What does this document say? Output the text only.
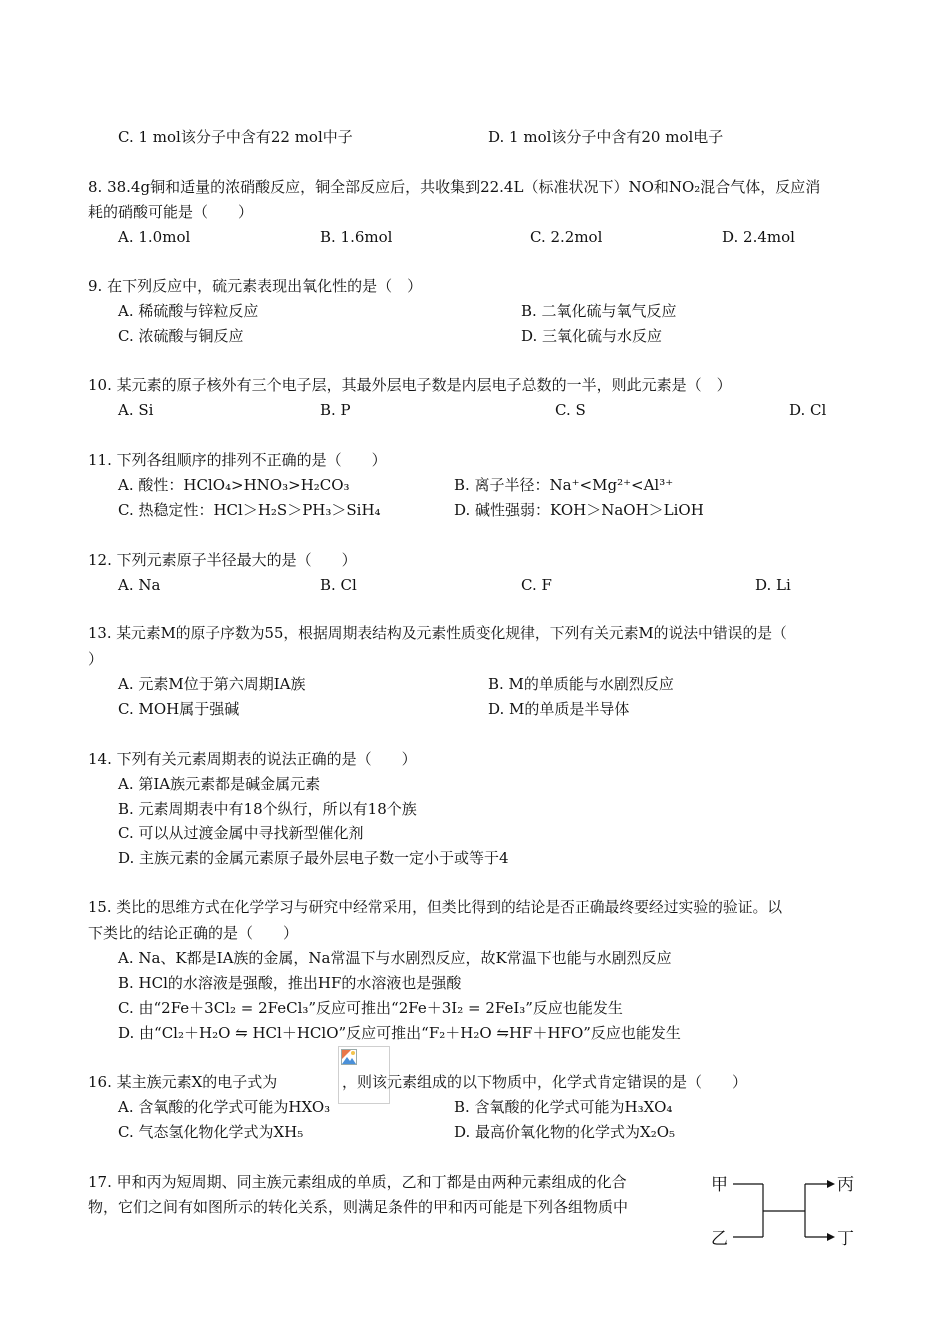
C. 1 mol该分子中含有22 mol中子	D. 1 mol该分子中含有20 mol电子
8. 38.4g铜和适量的浓硝酸反应，铜全部反应后，共收集到22.4L（标准状况下）NO和NO₂混合气体，反应消
耗的硝酸可能是（　　）
A. 1.0mol	B. 1.6mol	C. 2.2mol	D. 2.4mol
9. 在下列反应中，硫元素表现出氧化性的是（　）
A. 稀硫酸与锌粒反应	B. 二氧化硫与氧气反应
C. 浓硫酸与铜反应	D. 三氧化硫与水反应
10. 某元素的原子核外有三个电子层，其最外层电子数是内层电子总数的一半，则此元素是（　）
A. Si	B. P	C. S	D. Cl
11. 下列各组顺序的排列不正确的是（　　）
A. 酸性：HClO₄>HNO₃>H₂CO₃	B. 离子半径：Na⁺<Mg²⁺<Al³⁺
C. 热稳定性：HCl＞H₂S＞PH₃＞SiH₄	D. 碱性强弱：KOH＞NaOH＞LiOH
12. 下列元素原子半径最大的是（　　）
A. Na	B. Cl	C. F	D. Li
13. 某元素M的原子序数为55，根据周期表结构及元素性质变化规律，下列有关元素M的说法中错误的是（
）
A. 元素M位于第六周期ⅠA族	B. M的单质能与水剧烈反应
C. MOH属于强碱	D. M的单质是半导体
14. 下列有关元素周期表的说法正确的是（　　）
A. 第ⅠA族元素都是碱金属元素
B. 元素周期表中有18个纵行，所以有18个族
C. 可以从过渡金属中寻找新型催化剂
D. 主族元素的金属元素原子最外层电子数一定小于或等于4
15. 类比的思维方式在化学学习与研究中经常采用，但类比得到的结论是否正确最终要经过实验的验证。以
下类比的结论正确的是（　　）
A. Na、K都是ⅠA族的金属，Na常温下与水剧烈反应，故K常温下也能与水剧烈反应
B. HCl的水溶液是强酸，推出HF的水溶液也是强酸
C. 由“2Fe＋3Cl₂ = 2FeCl₃”反应可推出“2Fe＋3I₂ = 2FeI₃”反应也能发生
D. 由“Cl₂＋H₂O ⇋ HCl＋HClO”反应可推出“F₂＋H₂O ⇋HF＋HFO”反应也能发生
16. 某主族元素X的电子式为	，则该元素组成的以下物质中，化学式肯定错误的是（　　）
A. 含氧酸的化学式可能为HXO₃	B. 含氧酸的化学式可能为H₃XO₄
C. 气态氢化物化学式为XH₅	D. 最高价氧化物的化学式为X₂O₅
17. 甲和丙为短周期、同主族元素组成的单质，乙和丁都是由两种元素组成的化合
物，它们之间有如图所示的转化关系，则满足条件的甲和丙可能是下列各组物质中
甲
乙
丙
丁
